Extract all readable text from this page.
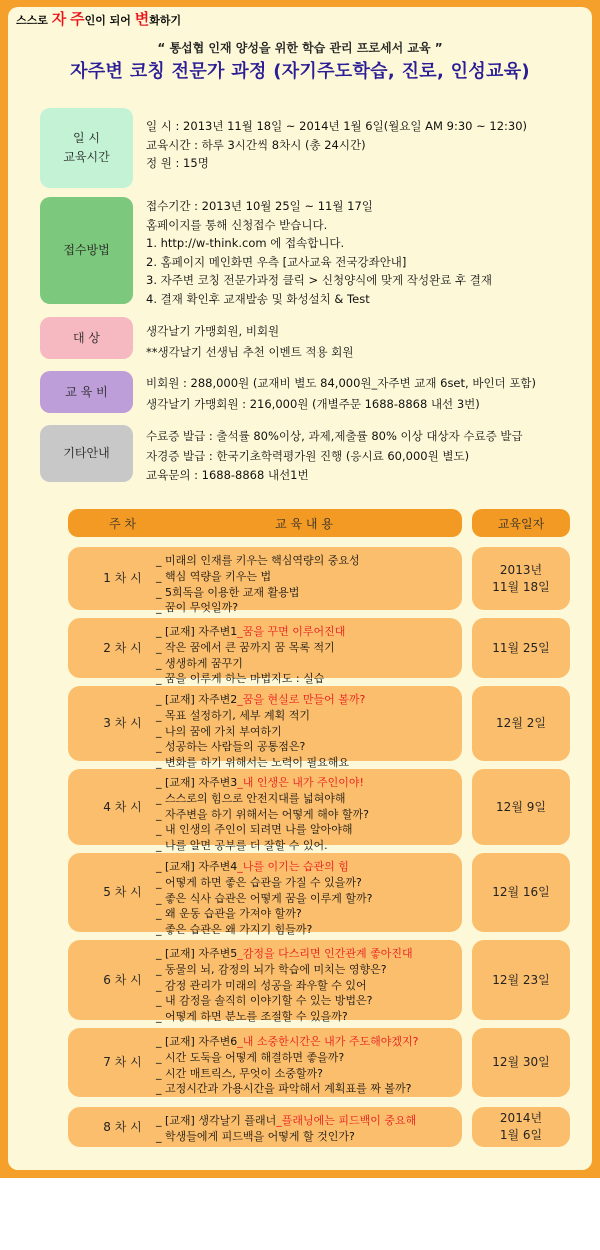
스스로 자 주인이 되어 변화하기
“ 통섭협 인재 양성을 위한 학습 관리 프로세서 교육 ”
자주변 코칭 전문가 과정 (자기주도학습, 진로, 인성교육)
일 시
교육시간
일 시 : 2013년 11월 18일 ~ 2014년 1월 6일(월요일 AM 9:30 ~ 12:30)
교육시간 : 하루 3시간씩 8차시 (총 24시간)
정 원 : 15명
접수방법
접수기간 : 2013년 10월 25일 ~ 11월 17일
홈페이지를 통해 신청접수 받습니다.
1. http://w-think.com 에 접속합니다.
2. 홈페이지 메인화면 우측 [교사교육 전국강좌안내]
3. 자주변 코칭 전문가과정 클릭 > 신청양식에 맞게 작성완료 후 결재
4. 결재 확인후 교재발송 및 화성설치 & Test
대 상	생각날기 가맹회원, 비회원
**생각날기 선생님 추천 이벤트 적용 회원
교 육 비
비회원 : 288,000원 (교재비 별도 84,000원_자주변 교재 6set, 바인더 포함)
생각날기 가맹회원 : 216,000원 (개별주문 1688-8868 내선 3번)
기타안내
수료증 발급 : 출석률 80%이상, 과제,제출률 80% 이상 대상자 수료증 발급
자경증 발급 : 한국기초학력평가원 진행 (응시료 60,000원 별도)
교육문의 : 1688-8868 내선1번
주 차	교 육 내 용	교육일자
1 차 시
_ 미래의 인재를 키우는 핵심역량의 중요성
_ 핵심 역량을 키우는 법
_ 5희독을 이용한 교재 활용법
_ 꿈이 무엇일까?
2013년
11월 18일
2 차 시
_ [교재] 자주변1_꿈을 꾸면 이루어진대
_ 작은 꿈에서 큰 꿈까지 꿈 목록 적기
_ 생생하게 꿈꾸기
_ 꿈을 이루게 하는 마법지도 : 실습
11월 25일
3 차 시
_ [교재] 자주변2_꿈을 현실로 만들어 볼까?
_ 목표 설정하기, 세부 계획 적기
_ 나의 꿈에 가치 부여하기
_ 성공하는 사람들의 공통점은?
_ 변화를 하기 위해서는 노력이 필요해요
12월 2일
4 차 시
_ [교재] 자주변3_내 인생은 내가 주인이야!
_ 스스로의 힘으로 안전지대를 넓혀야해
_ 자주변을 하기 위해서는 어떻게 해야 할까?
_ 내 인생의 주인이 되려면 나를 알아야해
_ 나를 알면 공부를 더 잘할 수 있어.
12월 9일
5 차 시
_ [교재] 자주변4_나를 이기는 습관의 힘
_ 어떻게 하면 좋은 습관을 가질 수 있을까?
_ 좋은 식사 습관은 어떻게 꿈을 이루게 할까?
_ 왜 운동 습관을 가져야 할까?
_ 좋은 습관은 왜 가지기 힘들까?
12월 16일
6 차 시
_ [교재] 자주변5_감정을 다스리면 인간관계 좋아진대
_ 동물의 뇌, 감정의 뇌가 학습에 미치는 영향은?
_ 감정 관리가 미래의 성공을 좌우할 수 있어
_ 내 감정을 솔직히 이야기할 수 있는 방법은?
_ 어떻게 하면 분노를 조절할 수 있을까?
12월 23일
7 차 시
_ [교재] 자주변6_내 소중한시간은 내가 주도해야겠지?
_ 시간 도둑을 어떻게 해결하면 좋을까?
_ 시간 매트릭스, 무엇이 소중할까?
_ 고정시간과 가용시간을 파악해서 계획표를 짜 볼까?
12월 30일
8 차 시
_	[교재] 생각날기 플래너_플래닝에는 피드백이 중요해
_ 학생들에게 피드백을 어떻게 할 것인가?
2014년
1월 6일
